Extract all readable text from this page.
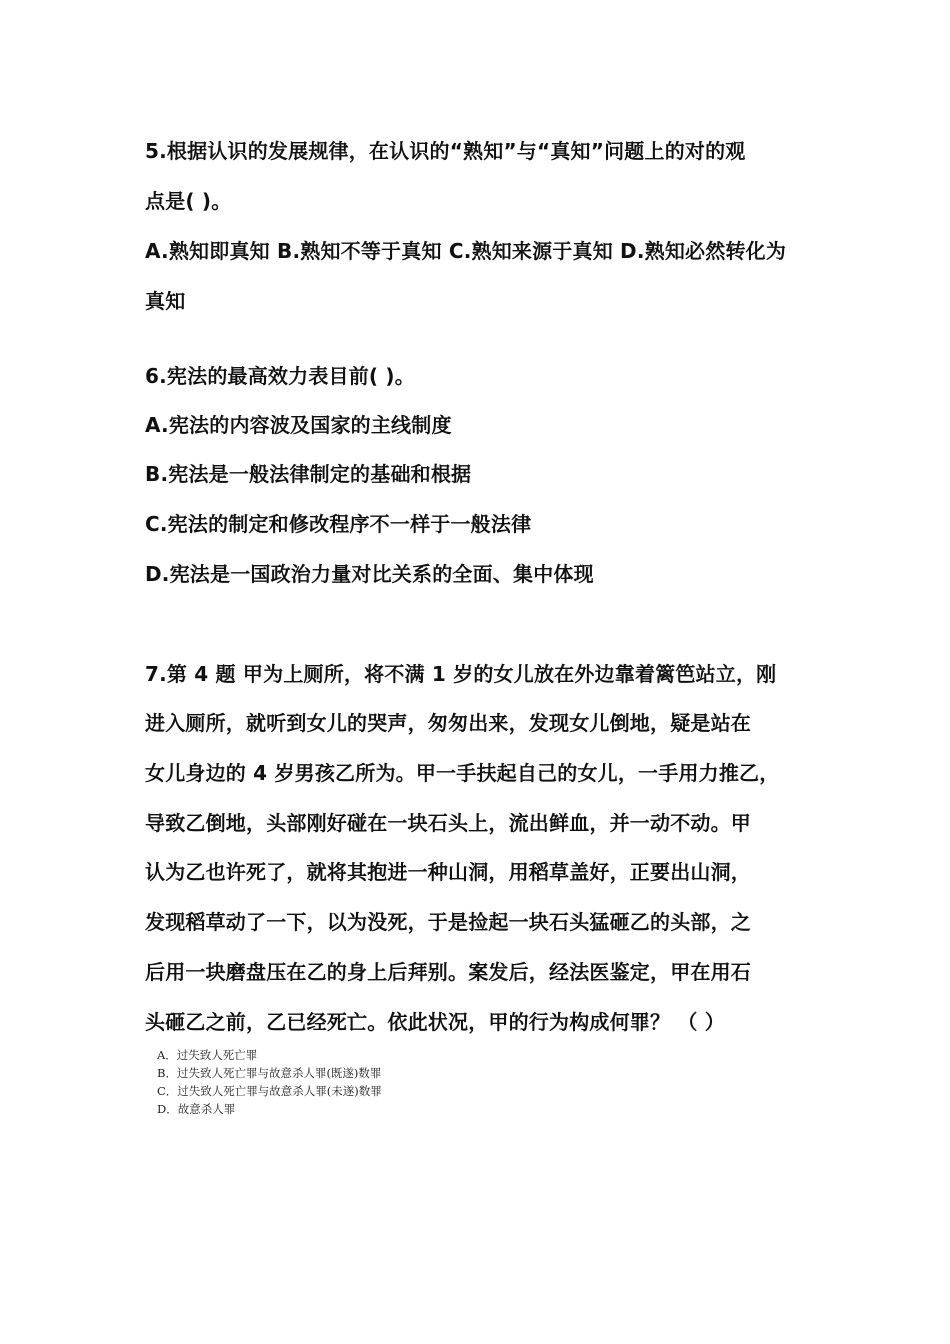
5.根据认识的发展规律，在认识的“熟知”与“真知”问题上的对的观
点是( )。
A.熟知即真知 B.熟知不等于真知 C.熟知来源于真知 D.熟知必然转化为
真知
6.宪法的最高效力表目前( )。
A.宪法的内容波及国家的主线制度
B.宪法是一般法律制定的基础和根据
C.宪法的制定和修改程序不一样于一般法律
D.宪法是一国政治力量对比关系的全面、集中体现
7.第 4 题 甲为上厕所，将不满 1 岁的女儿放在外边靠着篱笆站立，刚
进入厕所，就听到女儿的哭声，匆匆出来，发现女儿倒地，疑是站在
女儿身边的 4 岁男孩乙所为。甲一手扶起自己的女儿，一手用力推乙，
导致乙倒地，头部刚好碰在一块石头上，流出鲜血，并一动不动。甲
认为乙也许死了，就将其抱进一种山洞，用稻草盖好，正要出山洞，
发现稻草动了一下，以为没死，于是捡起一块石头猛砸乙的头部，之
后用一块磨盘压在乙的身上后拜别。案发后，经法医鉴定，甲在用石
头砸乙之前，乙已经死亡。依此状况，甲的行为构成何罪？ （ ）
A．过失致人死亡罪
B．过失致人死亡罪与故意杀人罪(既遂)数罪
C．过失致人死亡罪与故意杀人罪(未遂)数罪
D．故意杀人罪
